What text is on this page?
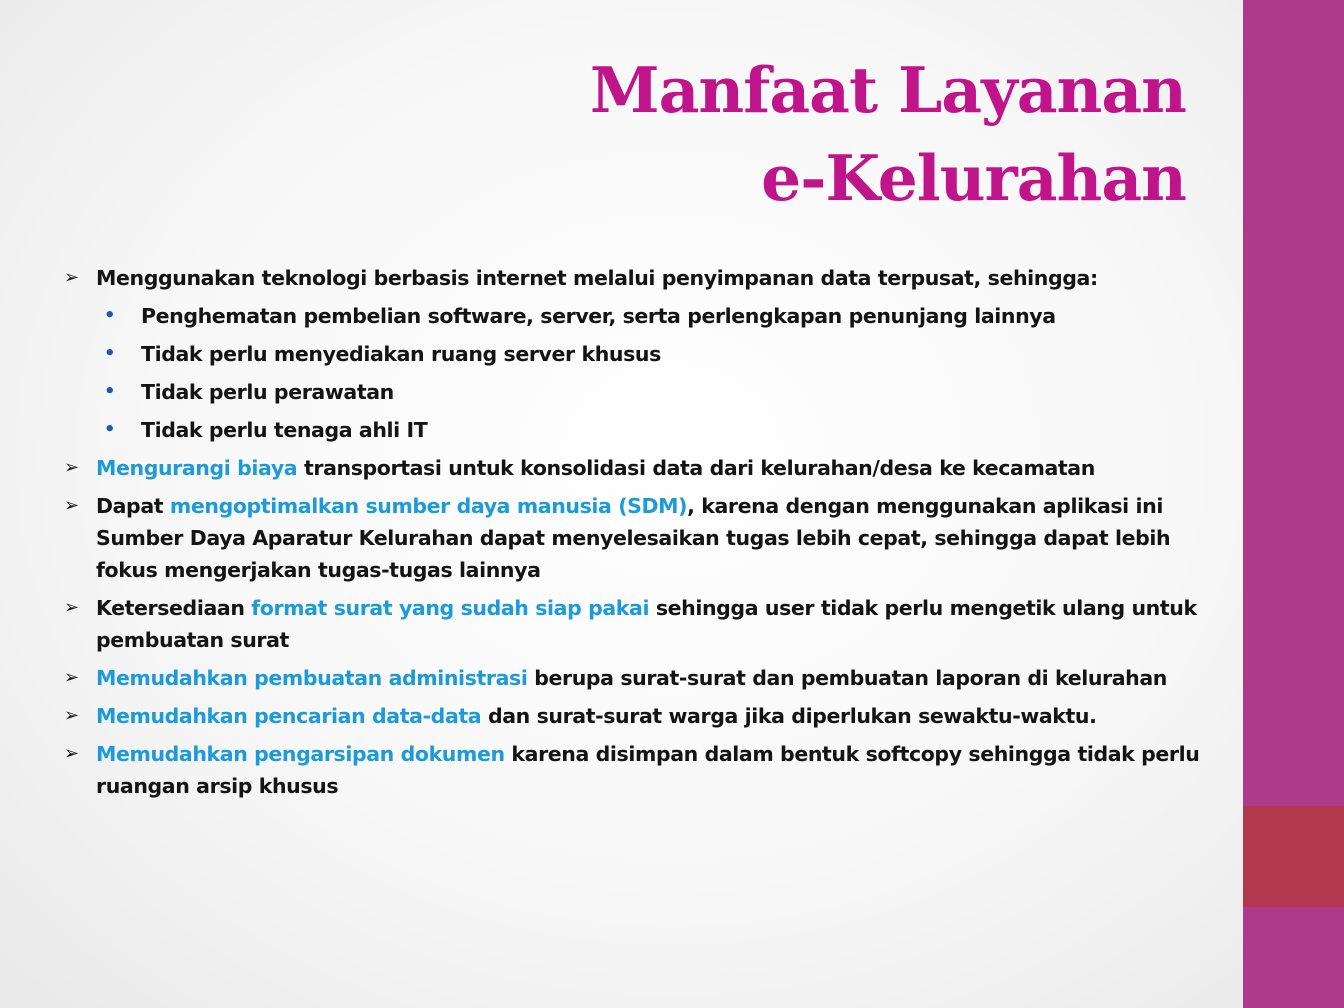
Manfaat Layanan
e-Kelurahan
➢ Menggunakan teknologi berbasis internet melalui penyimpanan data terpusat, sehingga:
• Penghematan pembelian software, server, serta perlengkapan penunjang lainnya
• Tidak perlu menyediakan ruang server khusus
• Tidak perlu perawatan
• Tidak perlu tenaga ahli IT
➢ Mengurangi biaya transportasi untuk konsolidasi data dari kelurahan/desa ke kecamatan
➢ Dapat mengoptimalkan sumber daya manusia (SDM), karena dengan menggunakan aplikasi ini Sumber Daya Aparatur Kelurahan dapat menyelesaikan tugas lebih cepat, sehingga dapat lebih fokus mengerjakan tugas-tugas lainnya
➢ Ketersediaan format surat yang sudah siap pakai sehingga user tidak perlu mengetik ulang untuk pembuatan surat
➢ Memudahkan pembuatan administrasi berupa surat-surat dan pembuatan laporan di kelurahan
➢ Memudahkan pencarian data-data dan surat-surat warga jika diperlukan sewaktu-waktu.
➢ Memudahkan pengarsipan dokumen karena disimpan dalam bentuk softcopy sehingga tidak perlu ruangan arsip khusus
